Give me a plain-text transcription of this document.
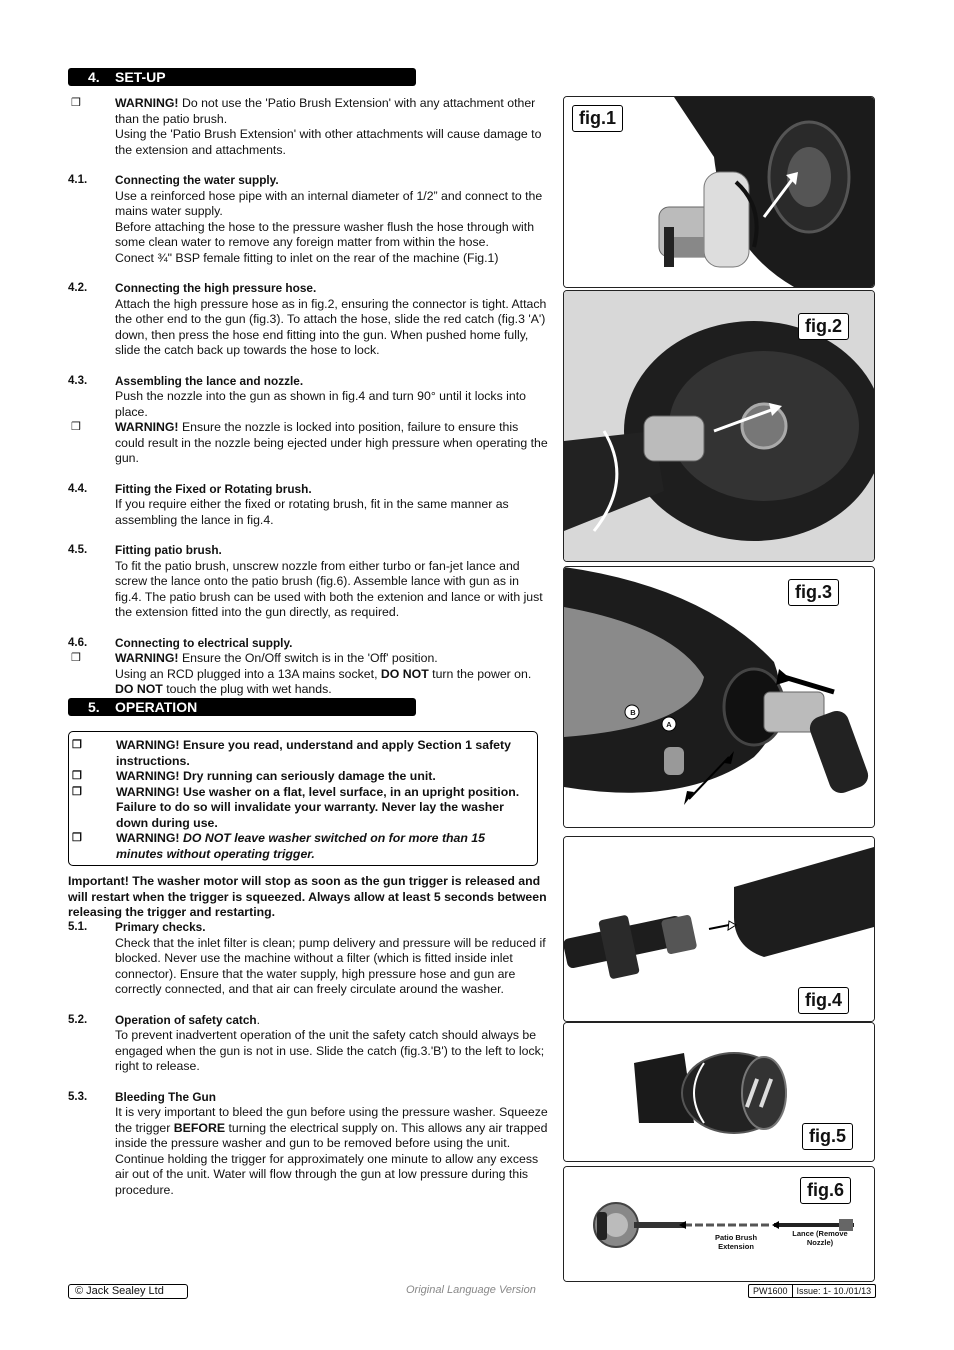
4. SET-UP

❒	WARNING! Do not use the 'Patio Brush Extension' with any attachment other than the patio brush.
Using the 'Patio Brush Extension' with other attachments will cause damage to the extension and attachments.

4.1. Connecting the water supply.
Use a reinforced hose pipe with an internal diameter of 1/2” and connect to the mains water supply.
Before attaching the hose to the pressure washer flush the hose through with some clean water to remove any foreign matter from within the hose.
Conect ¾" BSP female fitting to inlet on the rear of the machine (Fig.1)

4.2. Connecting the high pressure hose.
Attach the high pressure hose as in fig.2, ensuring the connector is tight. Attach the other end to the gun (fig.3). To attach the hose, slide the red catch (fig.3 'A') down, then press the hose end fitting into the gun. When pushed home fully, slide the catch back up towards the hose to lock.

4.3. Assembling the lance and nozzle.
Push the nozzle into the gun as shown in fig.4 and turn 90° until it locks into place.

❒	WARNING! Ensure the nozzle is locked into position, failure to ensure this could result in the nozzle being ejected under high pressure when operating the gun.

4.4. Fitting the Fixed or Rotating brush.
If you require either the fixed or rotating brush, fit in the same manner as assembling the lance in fig.4.

4.5. Fitting patio brush.
To fit the patio brush, unscrew nozzle from either turbo or fan-jet lance and screw the lance onto the patio brush (fig.6). Assemble lance with gun as in fig.4. The patio brush can be used with both the extenion and lance or with just the extension fitted into the gun directly, as required.

4.6. Connecting to electrical supply.

❒	WARNING! Ensure the On/Off switch is in the 'Off' position.
Using an RCD plugged into a 13A mains socket, DO NOT turn the power on. DO NOT touch the plug with wet hands.

5. OPERATION

❒	WARNING! Ensure you read, understand and apply Section 1 safety instructions.

❒	WARNING! Dry running can seriously damage the unit.

❒	WARNING! Use washer on a flat, level surface, in an upright position. Failure to do so will invalidate your warranty. Never lay the washer down during use.

❒	WARNING! DO NOT leave washer switched on for more than 15 minutes without operating trigger.

Important! The washer motor will stop as soon as the gun trigger is released and will restart when the trigger is squeezed. Always allow at least 5 seconds between releasing the trigger and restarting.

5.1. Primary checks.
Check that the inlet filter is clean; pump delivery and pressure will be reduced if blocked. Never use the machine without a filter (which is fitted inside inlet connector). Ensure that the water supply, high pressure hose and gun are correctly connected, and that air can freely circulate around the washer.

5.2. Operation of safety catch.
To prevent inadvertent operation of the unit the safety catch should always be engaged when the gun is not in use. Slide the catch (fig.3.'B') to the left to lock; right to release.

5.3. Bleeding The Gun
It is very important to bleed the gun before using the pressure washer. Squeeze the trigger BEFORE turning the electrical supply on. This allows any air trapped inside the pressure washer and gun to be removed before using the unit. Continue holding the trigger for approximately one minute to allow any excess air out of the unit. Water will flow through the gun at low pressure during this procedure.

fig.1
fig.2
B
A
fig.3
fig.4
fig.5
Patio Brush Extension
Lance (Remove Nozzle)
fig.6
© Jack Sealey Ltd	Original Language Version	PW1600	Issue: 1- 10./01/13
